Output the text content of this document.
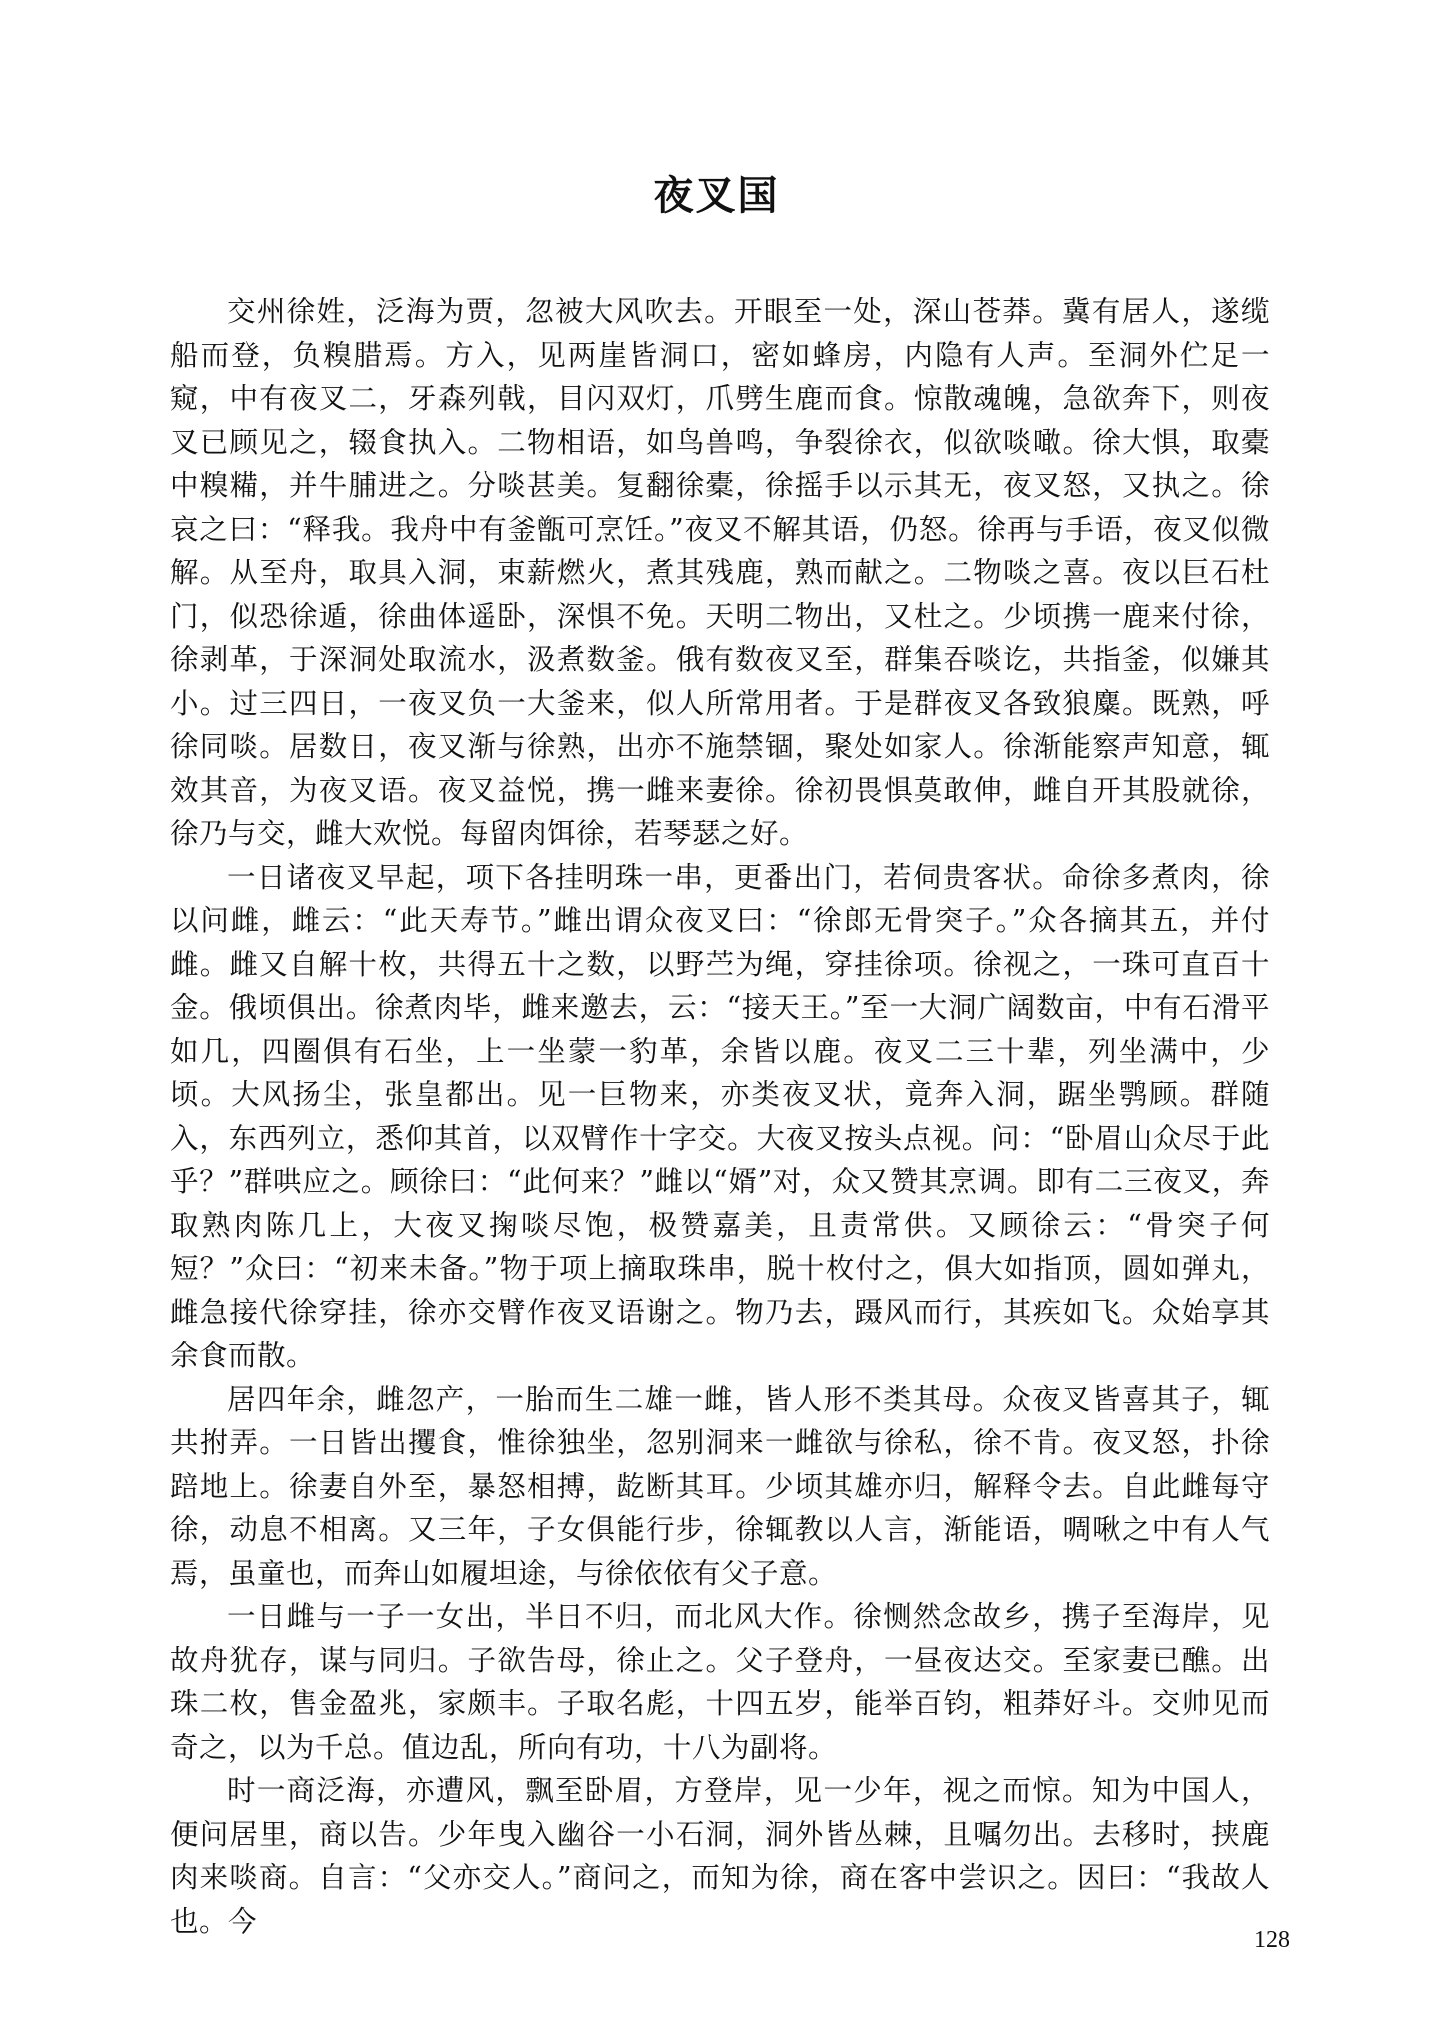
夜叉国

交州徐姓，泛海为贾，忽被大风吹去。开眼至一处，深山苍莽。冀有居人，遂缆船而登，负糗腊焉。方入，见两崖皆洞口，密如蜂房，内隐有人声。至洞外伫足一窥，中有夜叉二，牙森列戟，目闪双灯，爪劈生鹿而食。惊散魂魄，急欲奔下，则夜叉已顾见之，辍食执入。二物相语，如鸟兽鸣，争裂徐衣，似欲啖噉。徐大惧，取橐中糗糒，并牛脯进之。分啖甚美。复翻徐橐，徐摇手以示其无，夜叉怒，又执之。徐哀之曰：“释我。我舟中有釜甑可烹饪。”夜叉不解其语，仍怒。徐再与手语，夜叉似微解。从至舟，取具入洞，束薪燃火，煮其残鹿，熟而献之。二物啖之喜。夜以巨石杜门，似恐徐遁，徐曲体遥卧，深惧不免。天明二物出，又杜之。少顷携一鹿来付徐，徐剥革，于深洞处取流水，汲煮数釜。俄有数夜叉至，群集吞啖讫，共指釜，似嫌其小。过三四日，一夜叉负一大釜来，似人所常用者。于是群夜叉各致狼麋。既熟，呼徐同啖。居数日，夜叉渐与徐熟，出亦不施禁锢，聚处如家人。徐渐能察声知意，辄效其音，为夜叉语。夜叉益悦，携一雌来妻徐。徐初畏惧莫敢伸，雌自开其股就徐，徐乃与交，雌大欢悦。每留肉饵徐，若琴瑟之好。

一日诸夜叉早起，项下各挂明珠一串，更番出门，若伺贵客状。命徐多煮肉，徐以问雌，雌云：“此天寿节。”雌出谓众夜叉曰：“徐郎无骨突子。”众各摘其五，并付雌。雌又自解十枚，共得五十之数，以野苎为绳，穿挂徐项。徐视之，一珠可直百十金。俄顷俱出。徐煮肉毕，雌来邀去，云：“接天王。”至一大洞广阔数亩，中有石滑平如几，四圈俱有石坐，上一坐蒙一豹革，余皆以鹿。夜叉二三十辈，列坐满中，少顷。大风扬尘，张皇都出。见一巨物来，亦类夜叉状，竟奔入洞，踞坐鹗顾。群随入，东西列立，悉仰其首，以双臂作十字交。大夜叉按头点视。问：“卧眉山众尽于此乎？”群哄应之。顾徐曰：“此何来？”雌以“婿”对，众又赞其烹调。即有二三夜叉，奔取熟肉陈几上，大夜叉掬啖尽饱，极赞嘉美，且责常供。又顾徐云：“骨突子何短？”众曰：“初来未备。”物于项上摘取珠串，脱十枚付之，俱大如指顶，圆如弹丸，雌急接代徐穿挂，徐亦交臂作夜叉语谢之。物乃去，蹑风而行，其疾如飞。众始享其余食而散。

居四年余，雌忽产，一胎而生二雄一雌，皆人形不类其母。众夜叉皆喜其子，辄共拊弄。一日皆出攫食，惟徐独坐，忽别洞来一雌欲与徐私，徐不肯。夜叉怒，扑徐踣地上。徐妻自外至，暴怒相搏，龁断其耳。少顷其雄亦归，解释令去。自此雌每守徐，动息不相离。又三年，子女俱能行步，徐辄教以人言，渐能语，啁啾之中有人气焉，虽童也，而奔山如履坦途，与徐依依有父子意。

一日雌与一子一女出，半日不归，而北风大作。徐恻然念故乡，携子至海岸，见故舟犹存，谋与同归。子欲告母，徐止之。父子登舟，一昼夜达交。至家妻已醮。出珠二枚，售金盈兆，家颇丰。子取名彪，十四五岁，能举百钧，粗莽好斗。交帅见而奇之，以为千总。值边乱，所向有功，十八为副将。

时一商泛海，亦遭风，飘至卧眉，方登岸，见一少年，视之而惊。知为中国人，便问居里，商以告。少年曳入幽谷一小石洞，洞外皆丛棘，且嘱勿出。去移时，挟鹿肉来啖商。自言：“父亦交人。”商问之，而知为徐，商在客中尝识之。因曰：“我故人也。今

128
